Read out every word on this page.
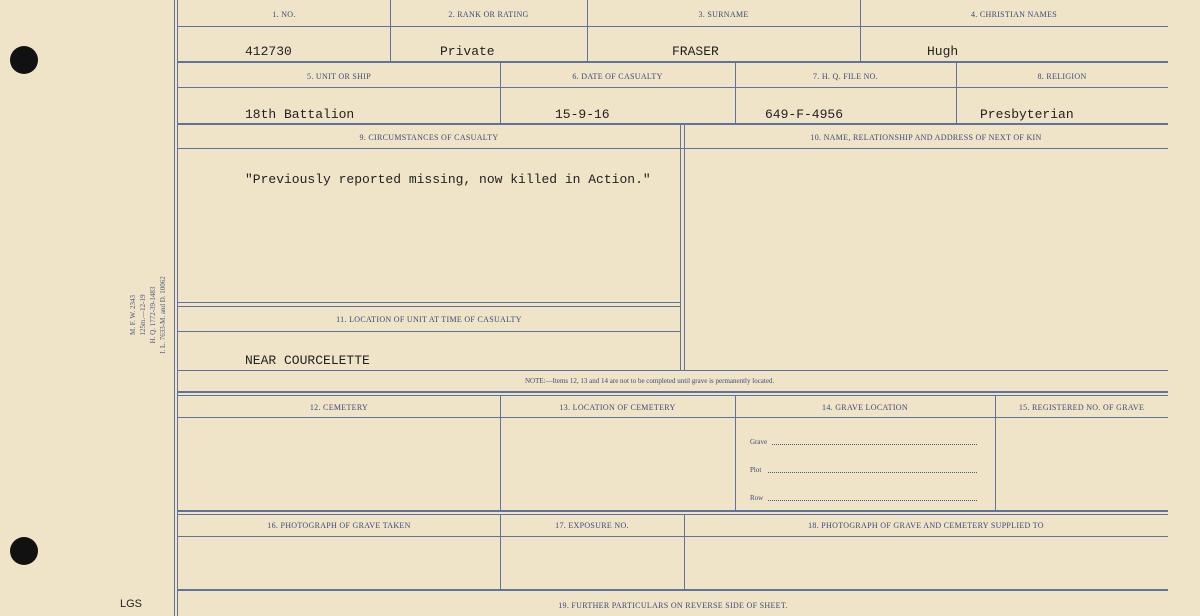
M. F. W. 2343 125m.—12-19 H. Q. 1772-39-1483 I. L. 7633-M. and D. 10062
LGS
1. NO.	2. RANK OR RATING	3. SURNAME	4. CHRISTIAN NAMES
412730	Private	FRASER	Hugh
5. UNIT OR SHIP	6. DATE OF CASUALTY	7. H. Q. FILE NO.	8. RELIGION
18th Battalion	15-9-16	649-F-4956	Presbyterian
9. CIRCUMSTANCES OF CASUALTY	10. NAME, RELATIONSHIP AND ADDRESS OF NEXT OF KIN
"Previously reported missing, now killed in Action."
11. LOCATION OF UNIT AT TIME OF CASUALTY
NEAR COURCELETTE
NOTE:—Items 12, 13 and 14 are not to be completed until grave is permanently located.
12. CEMETERY	13. LOCATION OF CEMETERY	14. GRAVE LOCATION	15. REGISTERED NO. OF GRAVE
Grave
Plot
Row
16. PHOTOGRAPH OF GRAVE TAKEN	17. EXPOSURE NO.	18. PHOTOGRAPH OF GRAVE AND CEMETERY SUPPLIED TO
19. FURTHER PARTICULARS ON REVERSE SIDE OF SHEET.
